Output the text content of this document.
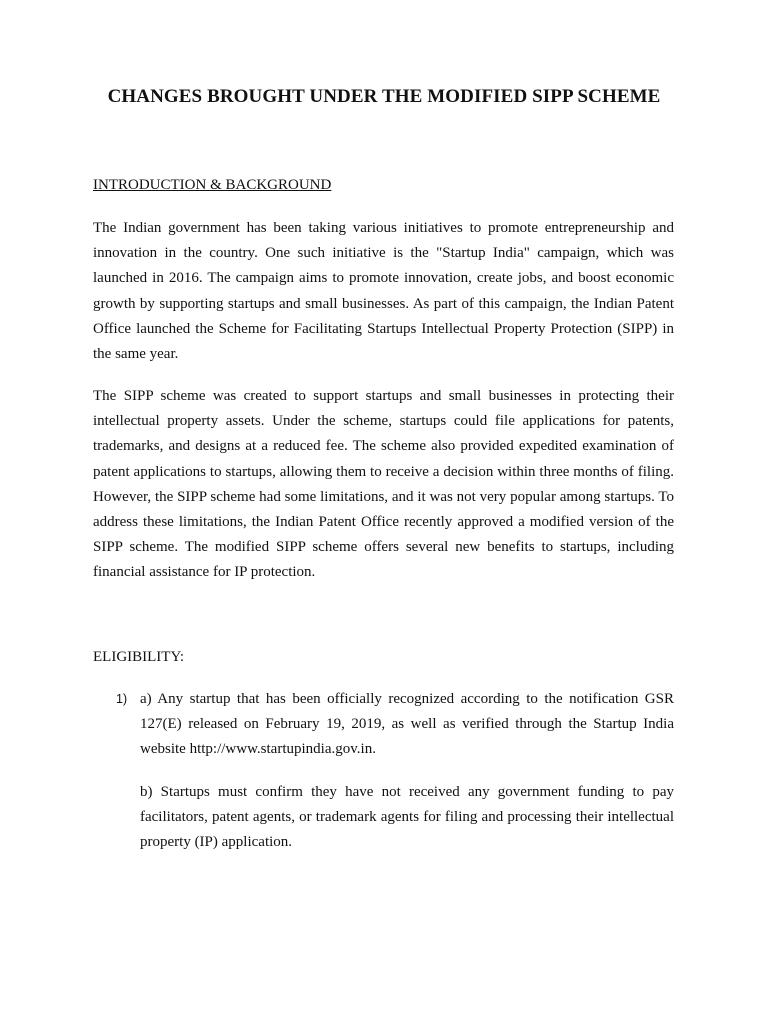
CHANGES BROUGHT UNDER THE MODIFIED SIPP SCHEME
INTRODUCTION & BACKGROUND

The Indian government has been taking various initiatives to promote entrepreneurship and innovation in the country. One such initiative is the "Startup India" campaign, which was launched in 2016. The campaign aims to promote innovation, create jobs, and boost economic growth by supporting startups and small businesses. As part of this campaign, the Indian Patent Office launched the Scheme for Facilitating Startups Intellectual Property Protection (SIPP) in the same year.

The SIPP scheme was created to support startups and small businesses in protecting their intellectual property assets. Under the scheme, startups could file applications for patents, trademarks, and designs at a reduced fee. The scheme also provided expedited examination of patent applications to startups, allowing them to receive a decision within three months of filing. However, the SIPP scheme had some limitations, and it was not very popular among startups. To address these limitations, the Indian Patent Office recently approved a modified version of the SIPP scheme. The modified SIPP scheme offers several new benefits to startups, including financial assistance for IP protection.

ELIGIBILITY:
1) a) Any startup that has been officially recognized according to the notification GSR 127(E) released on February 19, 2019, as well as verified through the Startup India website http://www.startupindia.gov.in.

b) Startups must confirm they have not received any government funding to pay facilitators, patent agents, or trademark agents for filing and processing their intellectual property (IP) application.
